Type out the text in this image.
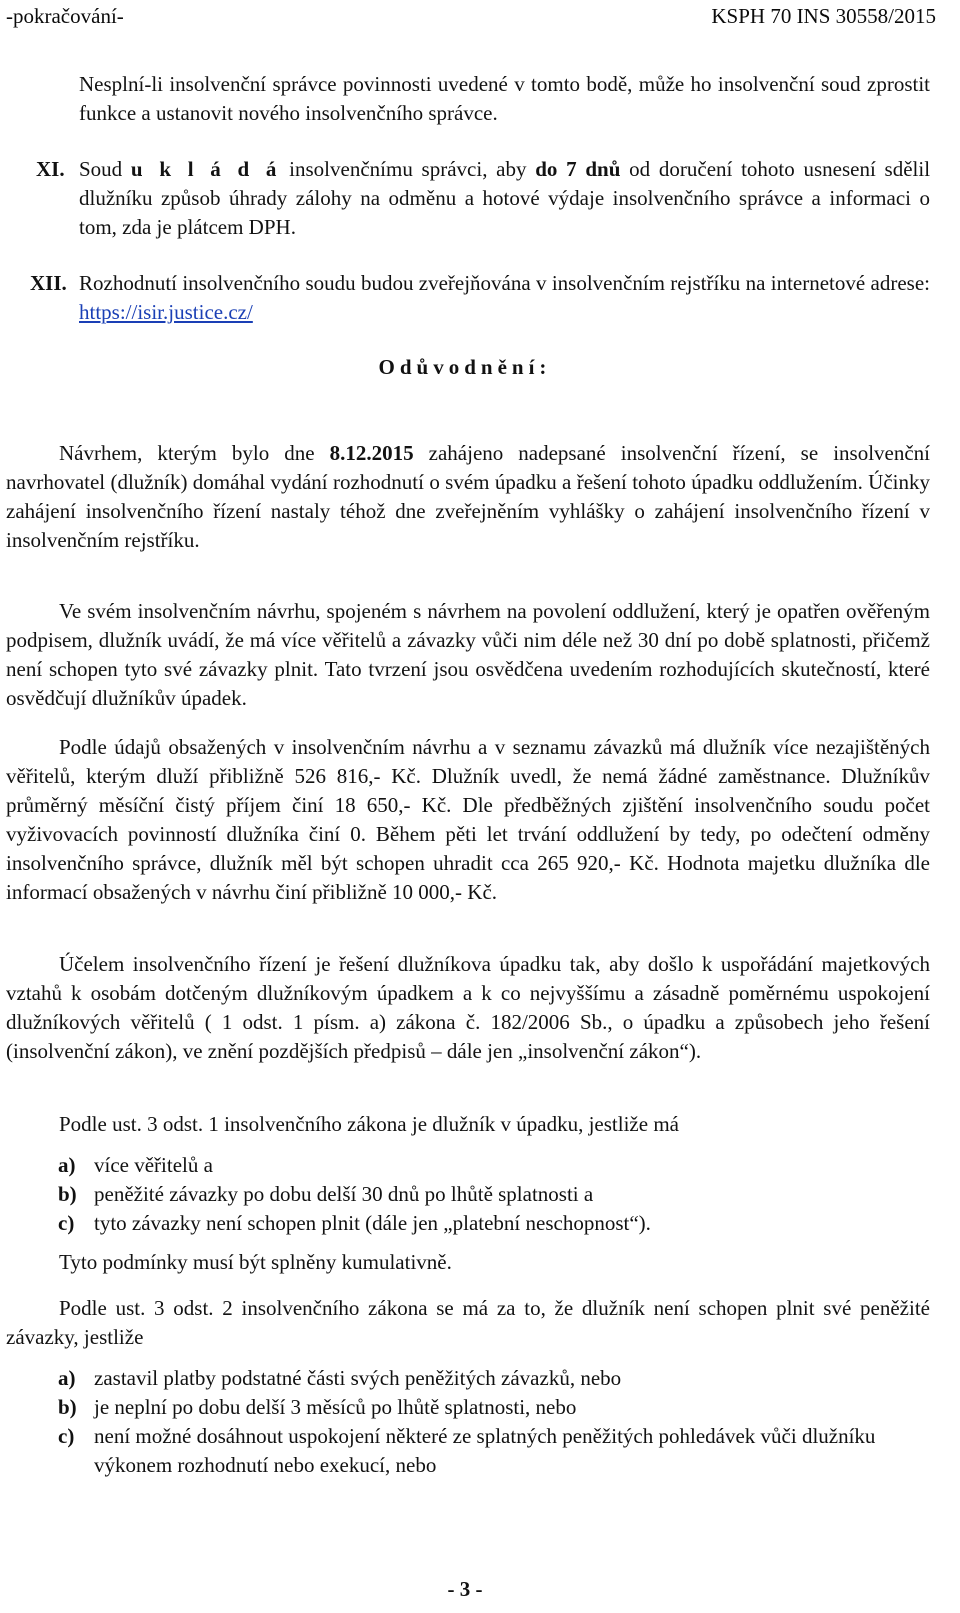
-pokračování-	KSPH 70 INS 30558/2015

Nesplní-li insolvenční správce povinnosti uvedené v tomto bodě, může ho insolvenční soud zprostit funkce a ustanovit nového insolvenčního správce.

XI. Soud u k l á d á insolvenčnímu správci, aby do 7 dnů od doručení tohoto usnesení sdělil dlužníku způsob úhrady zálohy na odměnu a hotové výdaje insolvenčního správce a informaci o tom, zda je plátcem DPH.

XII. Rozhodnutí insolvenčního soudu budou zveřejňována v insolvenčním rejstříku na internetové adrese: https://isir.justice.cz/

Odůvodnění:

Návrhem, kterým bylo dne 8.12.2015 zahájeno nadepsané insolvenční řízení, se insolvenční navrhovatel (dlužník) domáhal vydání rozhodnutí o svém úpadku a řešení tohoto úpadku oddlužením. Účinky zahájení insolvenčního řízení nastaly téhož dne zveřejněním vyhlášky o zahájení insolvenčního řízení v insolvenčním rejstříku.

Ve svém insolvenčním návrhu, spojeném s návrhem na povolení oddlužení, který je opatřen ověřeným podpisem, dlužník uvádí, že má více věřitelů a závazky vůči nim déle než 30 dní po době splatnosti, přičemž není schopen tyto své závazky plnit. Tato tvrzení jsou osvědčena uvedením rozhodujících skutečností, které osvědčují dlužníkův úpadek.

Podle údajů obsažených v insolvenčním návrhu a v seznamu závazků má dlužník více nezajištěných věřitelů, kterým dluží přibližně 526 816,- Kč. Dlužník uvedl, že nemá žádné zaměstnance. Dlužníkův průměrný měsíční čistý příjem činí 18 650,- Kč. Dle předběžných zjištění insolvenčního soudu počet vyživovacích povinností dlužníka činí 0. Během pěti let trvání oddlužení by tedy, po odečtení odměny insolvenčního správce, dlužník měl být schopen uhradit cca 265 920,- Kč. Hodnota majetku dlužníka dle informací obsažených v návrhu činí přibližně 10 000,- Kč.

Účelem insolvenčního řízení je řešení dlužníkova úpadku tak, aby došlo k uspořádání majetkových vztahů k osobám dotčeným dlužníkovým úpadkem a k co nejvyššímu a zásadně poměrnému uspokojení dlužníkových věřitelů ( 1 odst. 1 písm. a) zákona č. 182/2006 Sb., o úpadku a způsobech jeho řešení (insolvenční zákon), ve znění pozdějších předpisů – dále jen „insolvenční zákon“).

Podle ust. 3 odst. 1 insolvenčního zákona je dlužník v úpadku, jestliže má

a) více věřitelů a
b) peněžité závazky po dobu delší 30 dnů po lhůtě splatnosti a
c) tyto závazky není schopen plnit (dále jen „platební neschopnost“).

Tyto podmínky musí být splněny kumulativně.

Podle ust. 3 odst. 2 insolvenčního zákona se má za to, že dlužník není schopen plnit své peněžité závazky, jestliže

a) zastavil platby podstatné části svých peněžitých závazků, nebo
b) je neplní po dobu delší 3 měsíců po lhůtě splatnosti, nebo
c) není možné dosáhnout uspokojení některé ze splatných peněžitých pohledávek vůči dlužníku výkonem rozhodnutí nebo exekucí, nebo
- 3 -
